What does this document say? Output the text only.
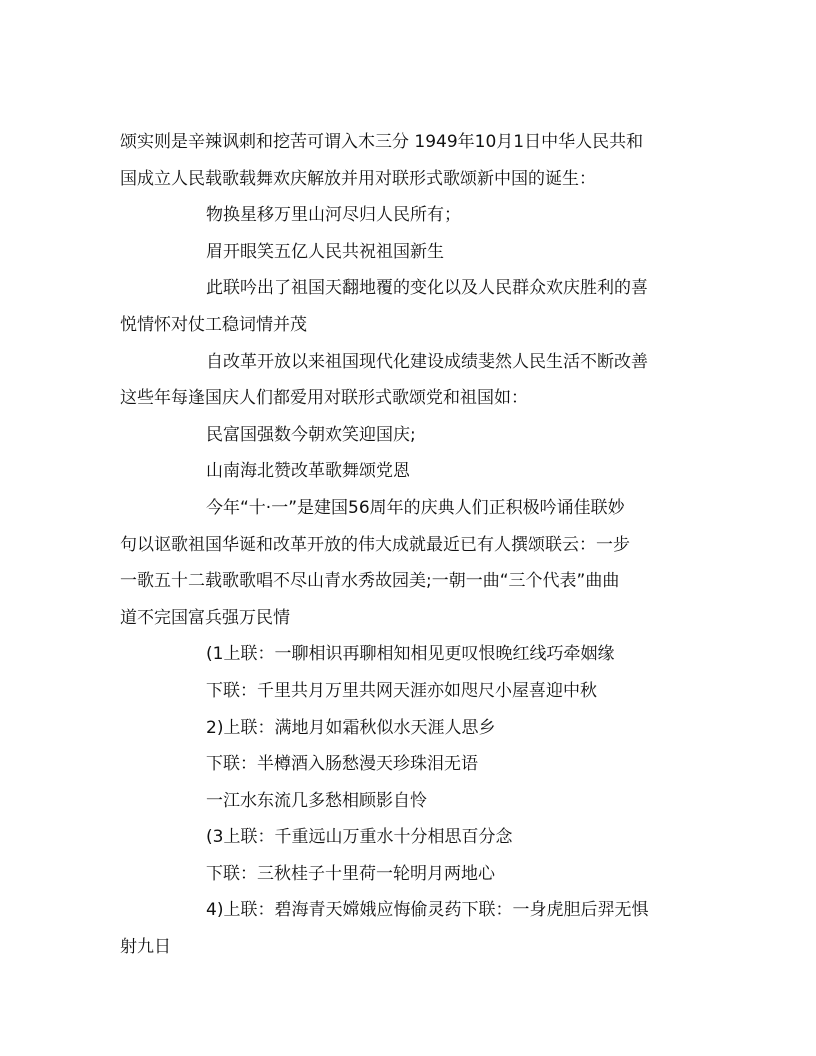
颂实则是辛辣讽刺和挖苦可谓入木三分 1949年10月1日中华人民共和

国成立人民载歌载舞欢庆解放并用对联形式歌颂新中国的诞生：

物换星移万里山河尽归人民所有；

眉开眼笑五亿人民共祝祖国新生

此联吟出了祖国天翻地覆的变化以及人民群众欢庆胜利的喜

悦情怀对仗工稳词情并茂

自改革开放以来祖国现代化建设成绩斐然人民生活不断改善

这些年每逢国庆人们都爱用对联形式歌颂党和祖国如：

民富国强数今朝欢笑迎国庆;

山南海北赞改革歌舞颂党恩

今年“十·一”是建国56周年的庆典人们正积极吟诵佳联妙

句以讴歌祖国华诞和改革开放的伟大成就最近已有人撰颂联云：一步

一歌五十二载歌歌唱不尽山青水秀故园美;一朝一曲“三个代表”曲曲

道不完国富兵强万民情

(1上联：一聊相识再聊相知相见更叹恨晚红线巧牵姻缘

下联：千里共月万里共网天涯亦如咫尺小屋喜迎中秋

2)上联：满地月如霜秋似水天涯人思乡

下联：半樽酒入肠愁漫天珍珠泪无语

一江水东流几多愁相顾影自怜

(3上联：千重远山万重水十分相思百分念

下联：三秋桂子十里荷一轮明月两地心

4)上联：碧海青天嫦娥应悔偷灵药下联：一身虎胆后羿无惧

射九日
